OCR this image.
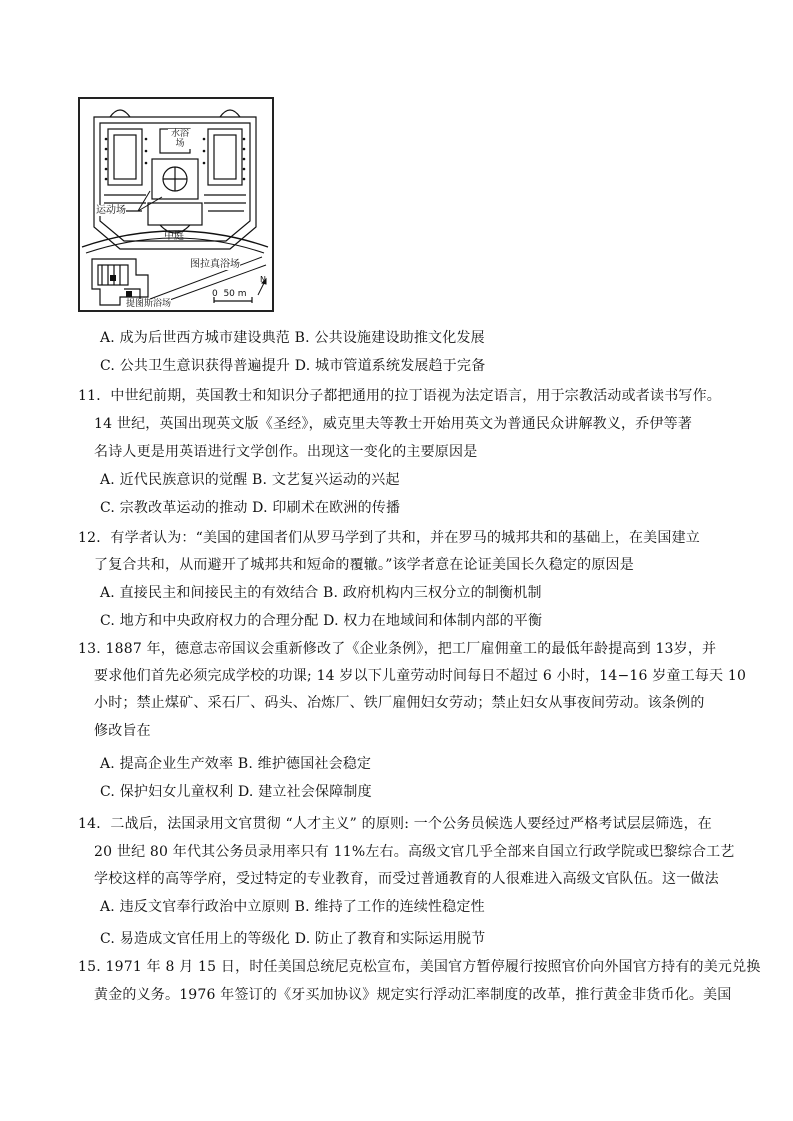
水浴
场
运动场
中庭
图拉真浴场
提图斯浴场
0  50 m
N
A. 成为后世西方城市建设典范 B. 公共设施建设助推文化发展
C. 公共卫生意识获得普遍提升 D. 城市管道系统发展趋于完备
11．中世纪前期，英国教士和知识分子都把通用的拉丁语视为法定语言，用于宗教活动或者读书写作。
14 世纪，英国出现英文版《圣经》，威克里夫等教士开始用英文为普通民众讲解教义，乔伊等著
名诗人更是用英语进行文学创作。出现这一变化的主要原因是
A. 近代民族意识的觉醒 B. 文艺复兴运动的兴起
C. 宗教改革运动的推动 D. 印刷术在欧洲的传播
12．有学者认为：“美国的建国者们从罗马学到了共和，并在罗马的城邦共和的基础上，在美国建立
了复合共和，从而避开了城邦共和短命的覆辙。”该学者意在论证美国长久稳定的原因是
A. 直接民主和间接民主的有效结合 B. 政府机构内三权分立的制衡机制
C. 地方和中央政府权力的合理分配 D. 权力在地域间和体制内部的平衡
13. 1887 年，德意志帝国议会重新修改了《企业条例》，把工厂雇佣童工的最低年龄提高到 13岁，并
要求他们首先必须完成学校的功课; 14 岁以下儿童劳动时间每日不超过 6 小时，14−16 岁童工每天 10
小时；禁止煤矿、采石厂、码头、冶炼厂、铁厂雇佣妇女劳动；禁止妇女从事夜间劳动。该条例的
修改旨在
A. 提高企业生产效率 B. 维护德国社会稳定
C. 保护妇女儿童权利 D. 建立社会保障制度
14．二战后，法国录用文官贯彻 “人才主义” 的原则: 一个公务员候选人要经过严格考试层层筛选，在
20 世纪 80 年代其公务员录用率只有 11%左右。高级文官几乎全部来自国立行政学院或巴黎综合工艺
学校这样的高等学府，受过特定的专业教育，而受过普通教育的人很难进入高级文官队伍。这一做法
A. 违反文官奉行政治中立原则 B. 维持了工作的连续性稳定性
C. 易造成文官任用上的等级化 D. 防止了教育和实际运用脱节
15. 1971 年 8 月 15 日，时任美国总统尼克松宣布，美国官方暂停履行按照官价向外国官方持有的美元兑换
黄金的义务。1976 年签订的《牙买加协议》规定实行浮动汇率制度的改革，推行黄金非货币化。美国
